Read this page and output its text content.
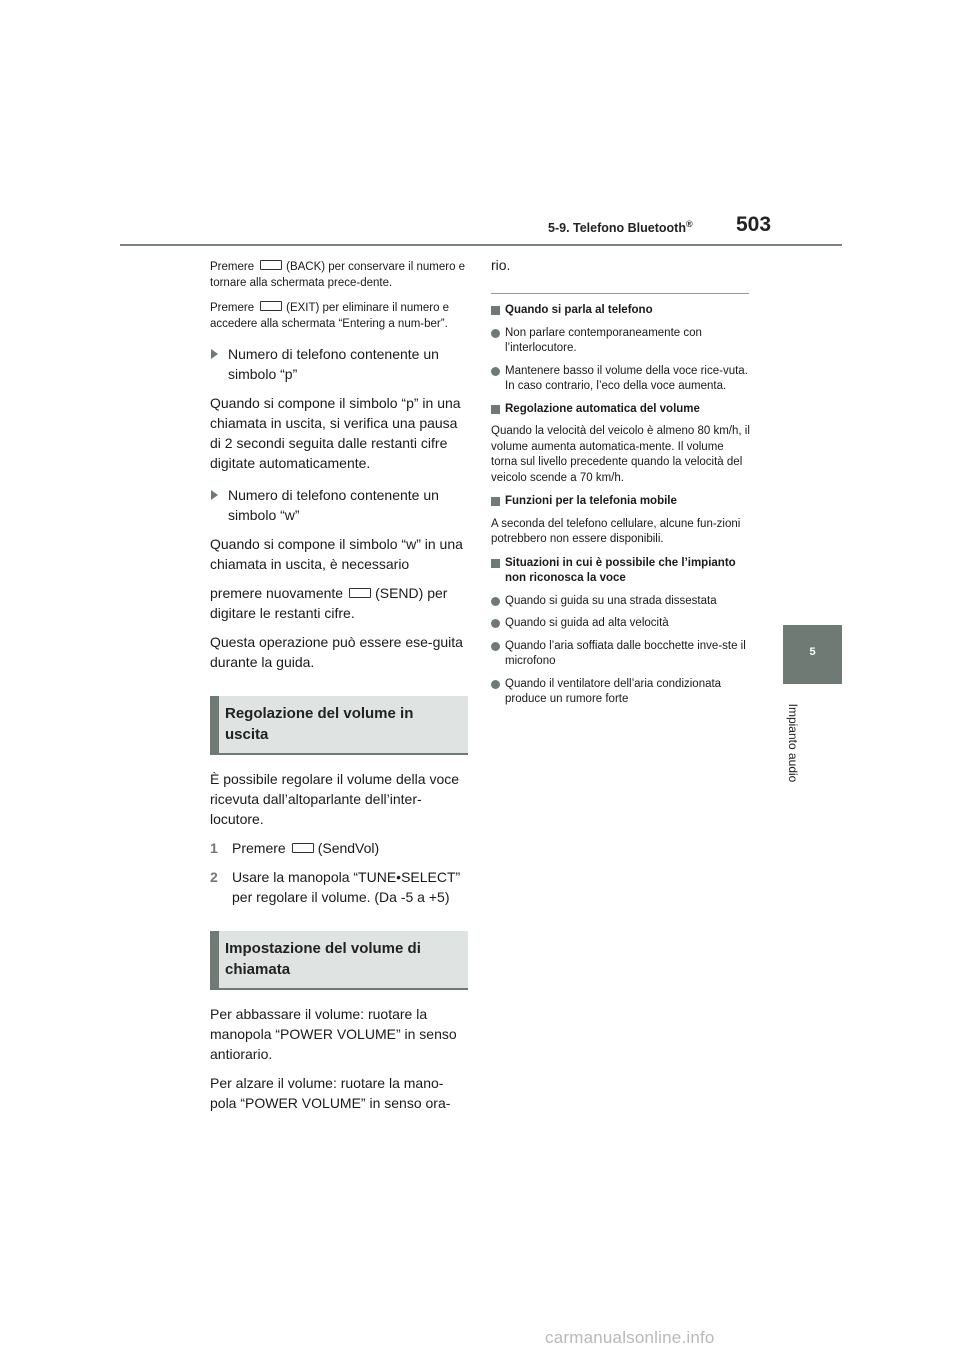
5-9. Telefono Bluetooth® 503
5
Impianto audio

Premere	(BACK) per conservare il numero e tornare alla schermata prece-dente.

Premere	(EXIT) per eliminare il numero e accedere alla schermata “Entering a num-ber”.

Numero di telefono contenente un simbolo “p”

Quando si compone il simbolo “p” in una chiamata in uscita, si verifica una pausa di 2 secondi seguita dalle restanti cifre digitate automaticamente.

Numero di telefono contenente un simbolo “w”

Quando si compone il simbolo “w” in una chiamata in uscita, è necessario

premere nuovamente (SEND) per digitare le restanti cifre.

Questa operazione può essere ese-guita durante la guida.

Regolazione del volume in uscita

È possibile regolare il volume della voce ricevuta dall’altoparlante dell’inter-locutore.

1 Premere (SendVol)
2 Usare la manopola “TUNE•SELECT” per regolare il volume. (Da -5 a +5)
Impostazione del volume di chiamata

Per abbassare il volume: ruotare la manopola “POWER VOLUME” in senso antiorario.

Per alzare il volume: ruotare la mano-pola “POWER VOLUME” in senso ora-

rio.

Quando si parla al telefono
Non parlare contemporaneamente con l’interlocutore.
Mantenere basso il volume della voce rice-vuta. In caso contrario, l’eco della voce aumenta.
Regolazione automatica del volume

Quando la velocità del veicolo è almeno 80 km/h, il volume aumenta automatica-mente. Il volume torna sul livello precedente quando la velocità del veicolo scende a 70 km/h.

Funzioni per la telefonia mobile

A seconda del telefono cellulare, alcune fun-zioni potrebbero non essere disponibili.

Situazioni in cui è possibile che l’impianto non riconosca la voce
Quando si guida su una strada dissestata
Quando si guida ad alta velocità
Quando l’aria soffiata dalle bocchette inve-ste il microfono
Quando il ventilatore dell’aria condizionata produce un rumore forte
carmanualsonline.info
